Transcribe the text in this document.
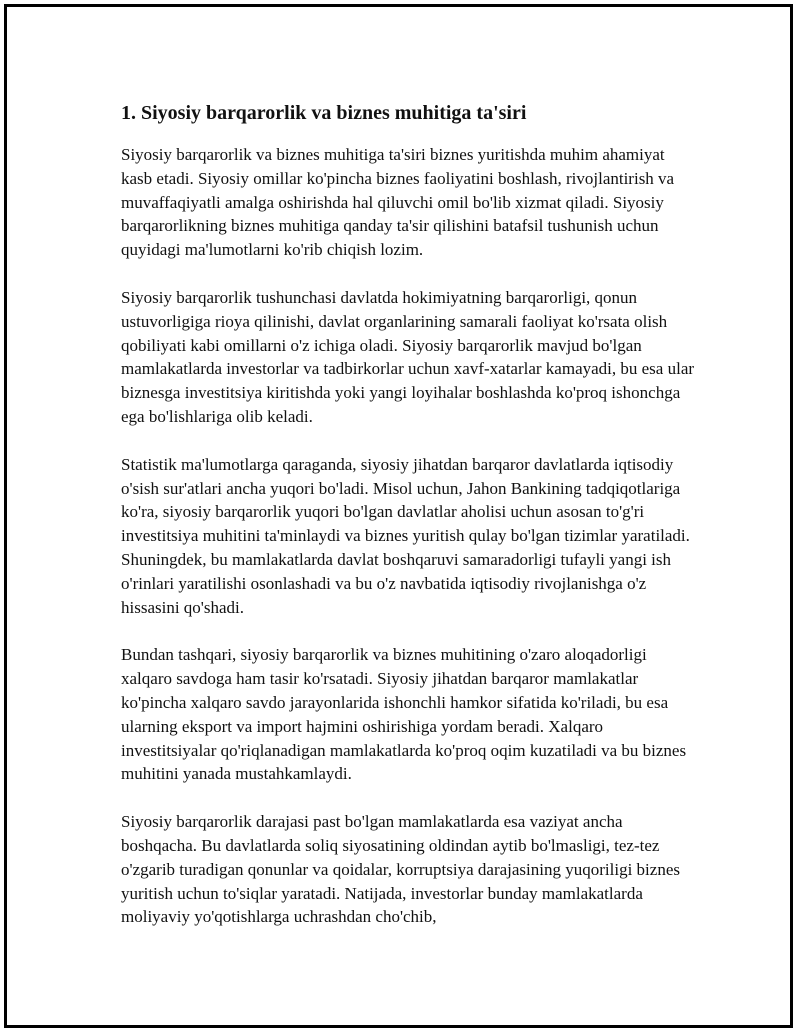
1. Siyosiy barqarorlik va biznes muhitiga ta'siri

Siyosiy barqarorlik va biznes muhitiga ta'siri biznes yuritishda muhim ahamiyat kasb etadi. Siyosiy omillar ko'pincha biznes faoliyatini boshlash, rivojlantirish va muvaffaqiyatli amalga oshirishda hal qiluvchi omil bo'lib xizmat qiladi. Siyosiy barqarorlikning biznes muhitiga qanday ta'sir qilishini batafsil tushunish uchun quyidagi ma'lumotlarni ko'rib chiqish lozim.

Siyosiy barqarorlik tushunchasi davlatda hokimiyatning barqarorligi, qonun ustuvorligiga rioya qilinishi, davlat organlarining samarali faoliyat ko'rsata olish qobiliyati kabi omillarni o'z ichiga oladi. Siyosiy barqarorlik mavjud bo'lgan mamlakatlarda investorlar va tadbirkorlar uchun xavf-xatarlar kamayadi, bu esa ular biznesga investitsiya kiritishda yoki yangi loyihalar boshlashda ko'proq ishonchga ega bo'lishlariga olib keladi.

Statistik ma'lumotlarga qaraganda, siyosiy jihatdan barqaror davlatlarda iqtisodiy o'sish sur'atlari ancha yuqori bo'ladi. Misol uchun, Jahon Bankining tadqiqotlariga ko'ra, siyosiy barqarorlik yuqori bo'lgan davlatlar aholisi uchun asosan to'g'ri investitsiya muhitini ta'minlaydi va biznes yuritish qulay bo'lgan tizimlar yaratiladi. Shuningdek, bu mamlakatlarda davlat boshqaruvi samaradorligi tufayli yangi ish o'rinlari yaratilishi osonlashadi va bu o'z navbatida iqtisodiy rivojlanishga o'z hissasini qo'shadi.

Bundan tashqari, siyosiy barqarorlik va biznes muhitining o'zaro aloqadorligi xalqaro savdoga ham tasir ko'rsatadi. Siyosiy jihatdan barqaror mamlakatlar ko'pincha xalqaro savdo jarayonlarida ishonchli hamkor sifatida ko'riladi, bu esa ularning eksport va import hajmini oshirishiga yordam beradi. Xalqaro investitsiyalar qo'riqlanadigan mamlakatlarda ko'proq oqim kuzatiladi va bu biznes muhitini yanada mustahkamlaydi.

Siyosiy barqarorlik darajasi past bo'lgan mamlakatlarda esa vaziyat ancha boshqacha. Bu davlatlarda soliq siyosatining oldindan aytib bo'lmasligi, tez-tez o'zgarib turadigan qonunlar va qoidalar, korruptsiya darajasining yuqoriligi biznes yuritish uchun to'siqlar yaratadi. Natijada, investorlar bunday mamlakatlarda moliyaviy yo'qotishlarga uchrashdan cho'chib,
